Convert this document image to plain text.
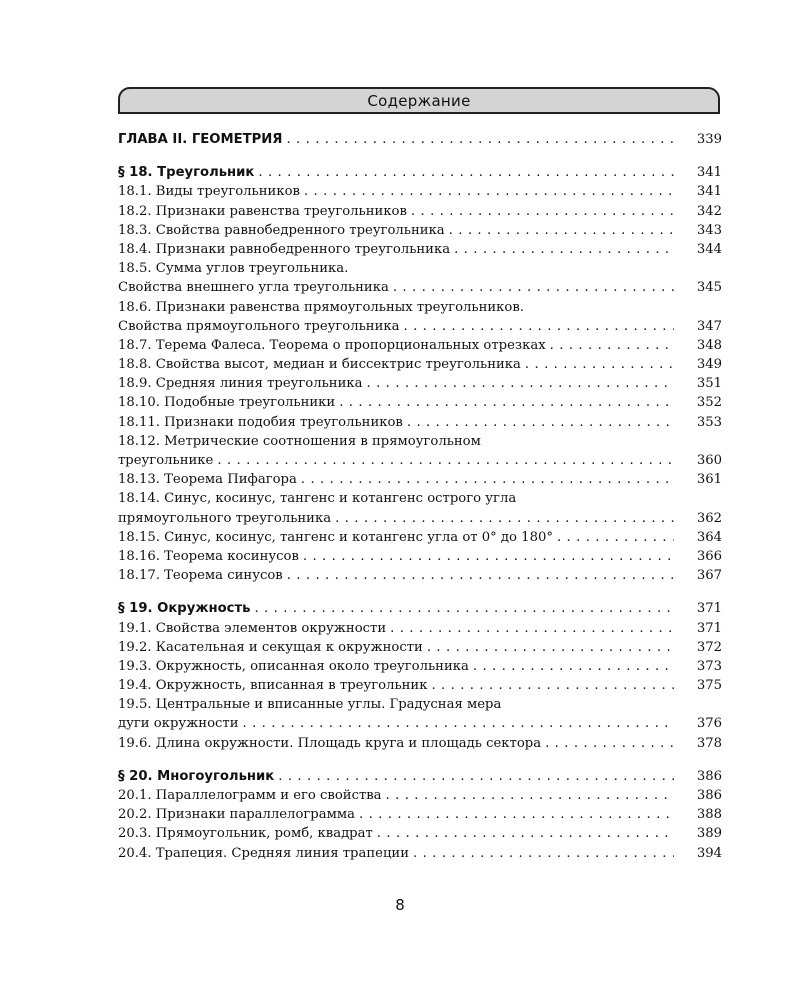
Содержание
ГЛАВА II. ГЕОМЕТРИЯ . . .	339
§ 18. Треугольник . . .	341
18.1. Виды треугольников . . .	341
18.2. Признаки равенства треугольников . . .	342
18.3. Свойства равнобедренного треугольника . . .	343
18.4. Признаки равнобедренного треугольника . . .	344
18.5. Сумма углов треугольника.
Свойства внешнего угла треугольника . . .	345
18.6. Признаки равенства прямоугольных треугольников.
Свойства прямоугольного треугольника . . .	347
18.7. Терема Фалеса. Теорема о пропорциональных отрезках . . .	348
18.8. Свойства высот, медиан и биссектрис треугольника . . .	349
18.9. Средняя линия треугольника . . .	351
18.10. Подобные треугольники . . .	352
18.11. Признаки подобия треугольников . . .	353
18.12. Метрические соотношения в прямоугольном
треугольнике . . .	360
18.13. Теорема Пифагора . . .	361
18.14. Синус, косинус, тангенс и котангенс острого угла
прямоугольного треугольника . . .	362
18.15. Синус, косинус, тангенс и котангенс угла от 0° до 180° . . .	364
18.16. Теорема косинусов . . .	366
18.17. Теорема синусов . . .	367
§ 19. Окружность . . .	371
19.1. Свойства элементов окружности . . .	371
19.2. Касательная и секущая к окружности . . .	372
19.3. Окружность, описанная около треугольника . . .	373
19.4. Окружность, вписанная в треугольник . . .	375
19.5. Центральные и вписанные углы. Градусная мера
дуги окружности . . .	376
19.6. Длина окружности. Площадь круга и площадь сектора . . .	378
§ 20. Многоугольник . . .	386
20.1. Параллелограмм и его свойства . . .	386
20.2. Признаки параллелограмма . . .	388
20.3. Прямоугольник, ромб, квадрат . . .	389
20.4. Трапеция. Средняя линия трапеции . . .	394
8
